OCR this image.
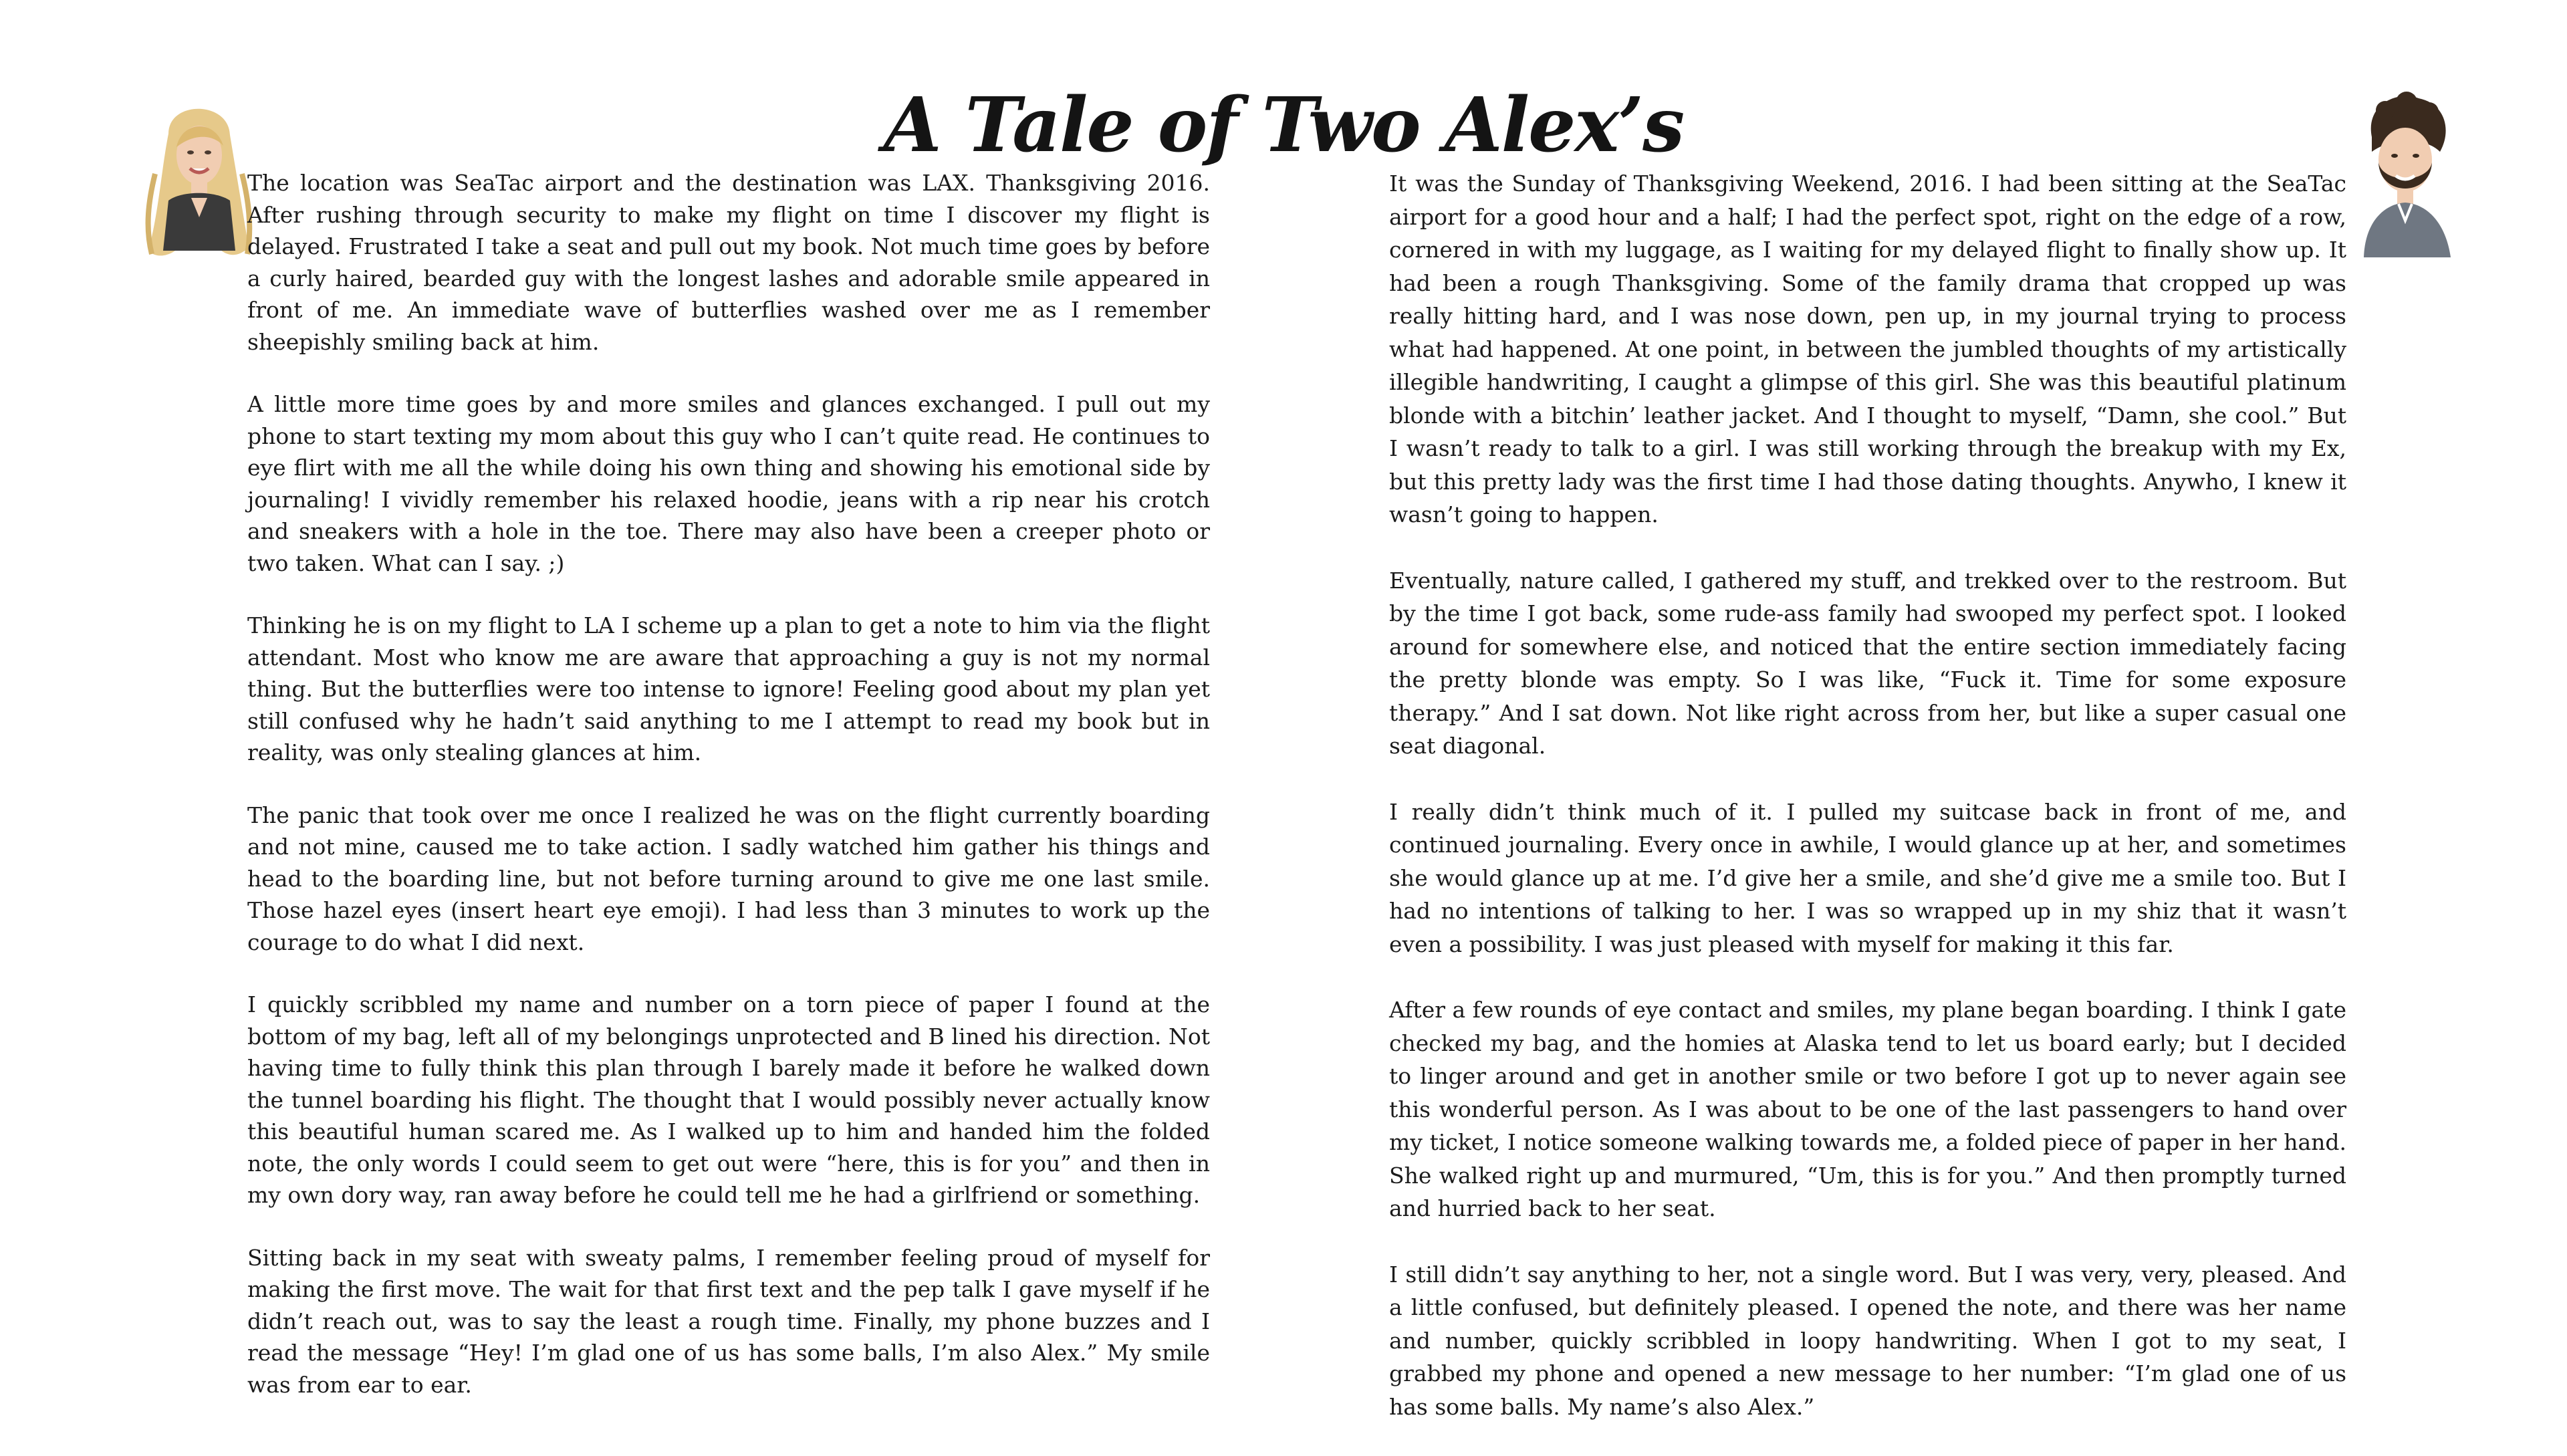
A Tale of Two Alex’s

The location was SeaTac airport and the destination was LAX. Thanksgiving 2016. After rushing through security to make my flight on time I discover my flight is delayed. Frustrated I take a seat and pull out my book. Not much time goes by before a curly haired, bearded guy with the longest lashes and adorable smile appeared in front of me. An immediate wave of butterflies washed over me as I remember sheepishly smiling back at him.

A little more time goes by and more smiles and glances exchanged. I pull out my phone to start texting my mom about this guy who I can’t quite read. He continues to eye flirt with me all the while doing his own thing and showing his emotional side by journaling! I vividly remember his relaxed hoodie, jeans with a rip near his crotch and sneakers with a hole in the toe. There may also have been a creeper photo or two taken. What can I say. ;)

Thinking he is on my flight to LA I scheme up a plan to get a note to him via the flight attendant. Most who know me are aware that approaching a guy is not my normal thing. But the butterflies were too intense to ignore! Feeling good about my plan yet still confused why he hadn’t said anything to me I attempt to read my book but in reality, was only stealing glances at him.

The panic that took over me once I realized he was on the flight currently boarding and not mine, caused me to take action. I sadly watched him gather his things and head to the boarding line, but not before turning around to give me one last smile. Those hazel eyes (insert heart eye emoji). I had less than 3 minutes to work up the courage to do what I did next.

I quickly scribbled my name and number on a torn piece of paper I found at the bottom of my bag, left all of my belongings unprotected and B lined his direction. Not having time to fully think this plan through I barely made it before he walked down the tunnel boarding his flight. The thought that I would possibly never actually know this beautiful human scared me. As I walked up to him and handed him the folded note, the only words I could seem to get out were “here, this is for you” and then in my own dory way, ran away before he could tell me he had a girlfriend or something.

Sitting back in my seat with sweaty palms, I remember feeling proud of myself for making the first move. The wait for that first text and the pep talk I gave myself if he didn’t reach out, was to say the least a rough time. Finally, my phone buzzes and I read the message “Hey! I’m glad one of us has some balls, I’m also Alex.” My smile was from ear to ear.

It was the Sunday of Thanksgiving Weekend, 2016. I had been sitting at the SeaTac airport for a good hour and a half; I had the perfect spot, right on the edge of a row, cornered in with my luggage, as I waiting for my delayed flight to finally show up. It had been a rough Thanksgiving. Some of the family drama that cropped up was really hitting hard, and I was nose down, pen up, in my journal trying to process what had happened. At one point, in between the jumbled thoughts of my artistically illegible handwriting, I caught a glimpse of this girl. She was this beautiful platinum blonde with a bitchin’ leather jacket. And I thought to myself, “Damn, she cool.” But I wasn’t ready to talk to a girl. I was still working through the breakup with my Ex, but this pretty lady was the first time I had those dating thoughts. Anywho, I knew it wasn’t going to happen.

Eventually, nature called, I gathered my stuff, and trekked over to the restroom. But by the time I got back, some rude-ass family had swooped my perfect spot. I looked around for somewhere else, and noticed that the entire section immediately facing the pretty blonde was empty. So I was like, “Fuck it. Time for some exposure therapy.” And I sat down. Not like right across from her, but like a super casual one seat diagonal.

I really didn’t think much of it. I pulled my suitcase back in front of me, and continued journaling. Every once in awhile, I would glance up at her, and sometimes she would glance up at me. I’d give her a smile, and she’d give me a smile too. But I had no intentions of talking to her. I was so wrapped up in my shiz that it wasn’t even a possibility. I was just pleased with myself for making it this far.

After a few rounds of eye contact and smiles, my plane began boarding. I think I gate checked my bag, and the homies at Alaska tend to let us board early; but I decided to linger around and get in another smile or two before I got up to never again see this wonderful person. As I was about to be one of the last passengers to hand over my ticket, I notice someone walking towards me, a folded piece of paper in her hand. She walked right up and murmured, “Um, this is for you.” And then promptly turned and hurried back to her seat.

I still didn’t say anything to her, not a single word. But I was very, very, pleased. And a little confused, but definitely pleased. I opened the note, and there was her name and number, quickly scribbled in loopy handwriting. When I got to my seat, I grabbed my phone and opened a new message to her number: “I’m glad one of us has some balls. My name’s also Alex.”
